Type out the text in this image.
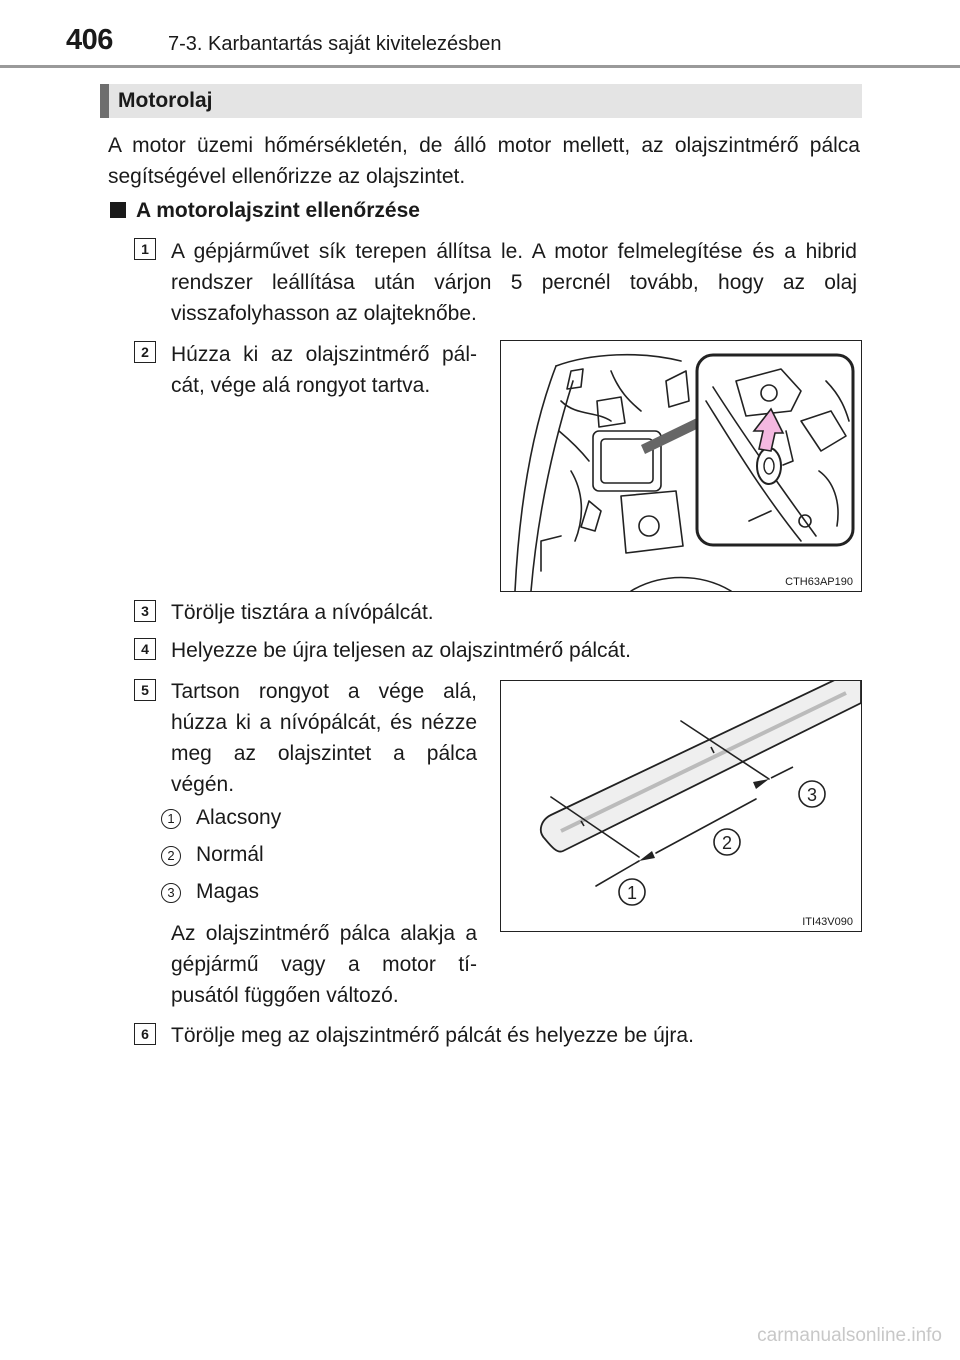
406	7-3. Karbantartás saját kivitelezésben
Motorolaj
A motor üzemi hőmérsékletén, de álló motor mellett, az olajszintmérő pálca segítségével ellenőrizze az olajszintet.
A motorolajszint ellenőrzése
1	A gépjárművet sík terepen állítsa le. A motor felmelegítése és a hibrid rendszer leállítása után várjon 5 percnél tovább, hogy az olaj visszafolyhasson az olajteknőbe.
2	Húzza ki az olajszintmérő pál-cát, vége alá rongyot tartva.
CTH63AP190
3	Törölje tisztára a nívópálcát.
4	Helyezze be újra teljesen az olajszintmérő pálcát.
5	Tartson rongyot a vége alá, húzza ki a nívópálcát, és nézze meg az olajszintet a pálca végén.
1	Alacsony
2	Normál
3	Magas
Az olajszintmérő pálca alakja a gépjármű vagy a motor tí-pusától függően változó.
1
2
3
ITI43V090
6	Törölje meg az olajszintmérő pálcát és helyezze be újra.
carmanualsonline.info
